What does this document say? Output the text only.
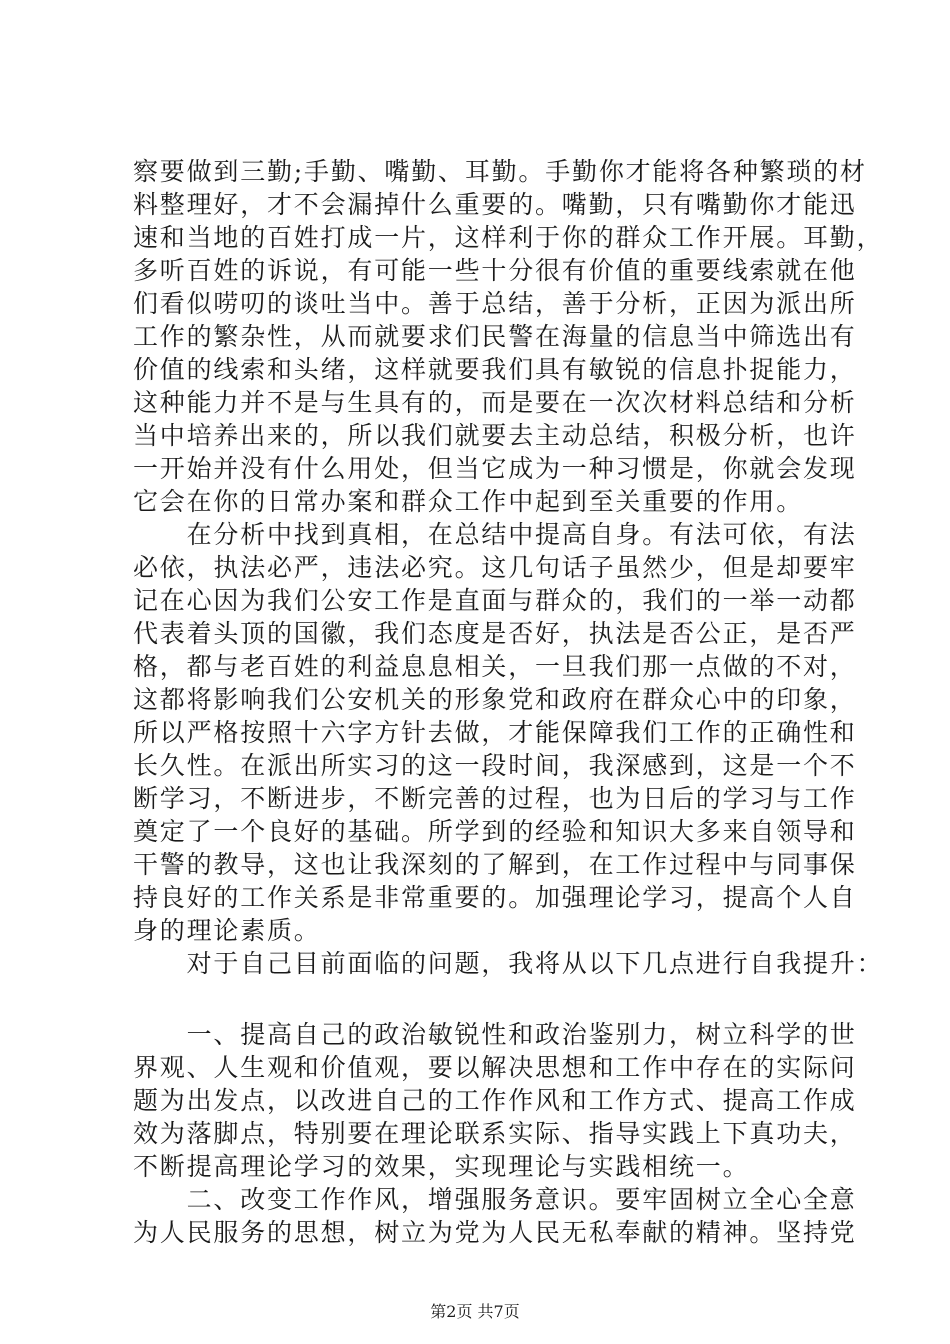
察要做到三勤;手勤、嘴勤、耳勤。手勤你才能将各种繁琐的材
料整理好，才不会漏掉什么重要的。嘴勤，只有嘴勤你才能迅
速和当地的百姓打成一片，这样利于你的群众工作开展。耳勤，
多听百姓的诉说，有可能一些十分很有价值的重要线索就在他
们看似唠叨的谈吐当中。善于总结，善于分析，正因为派出所
工作的繁杂性，从而就要求们民警在海量的信息当中筛选出有
价值的线索和头绪，这样就要我们具有敏锐的信息扑捉能力，
这种能力并不是与生具有的，而是要在一次次材料总结和分析
当中培养出来的，所以我们就要去主动总结，积极分析，也许
一开始并没有什么用处，但当它成为一种习惯是，你就会发现
它会在你的日常办案和群众工作中起到至关重要的作用。
　　在分析中找到真相，在总结中提高自身。有法可依，有法
必依，执法必严，违法必究。这几句话子虽然少，但是却要牢
记在心因为我们公安工作是直面与群众的，我们的一举一动都
代表着头顶的国徽，我们态度是否好，执法是否公正，是否严
格，都与老百姓的利益息息相关，一旦我们那一点做的不对，
这都将影响我们公安机关的形象党和政府在群众心中的印象，
所以严格按照十六字方针去做，才能保障我们工作的正确性和
长久性。在派出所实习的这一段时间，我深感到，这是一个不
断学习，不断进步，不断完善的过程，也为日后的学习与工作
奠定了一个良好的基础。所学到的经验和知识大多来自领导和
干警的教导，这也让我深刻的了解到，在工作过程中与同事保
持良好的工作关系是非常重要的。加强理论学习，提高个人自
身的理论素质。
　　对于自己目前面临的问题，我将从以下几点进行自我提升：
　　一、提高自己的政治敏锐性和政治鉴别力，树立科学的世
界观、人生观和价值观，要以解决思想和工作中存在的实际问
题为出发点，以改进自己的工作作风和工作方式、提高工作成
效为落脚点，特别要在理论联系实际、指导实践上下真功夫，
不断提高理论学习的效果，实现理论与实践相统一。
　　二、改变工作作风，增强服务意识。要牢固树立全心全意
为人民服务的思想，树立为党为人民无私奉献的精神。坚持党
第2页 共7页
